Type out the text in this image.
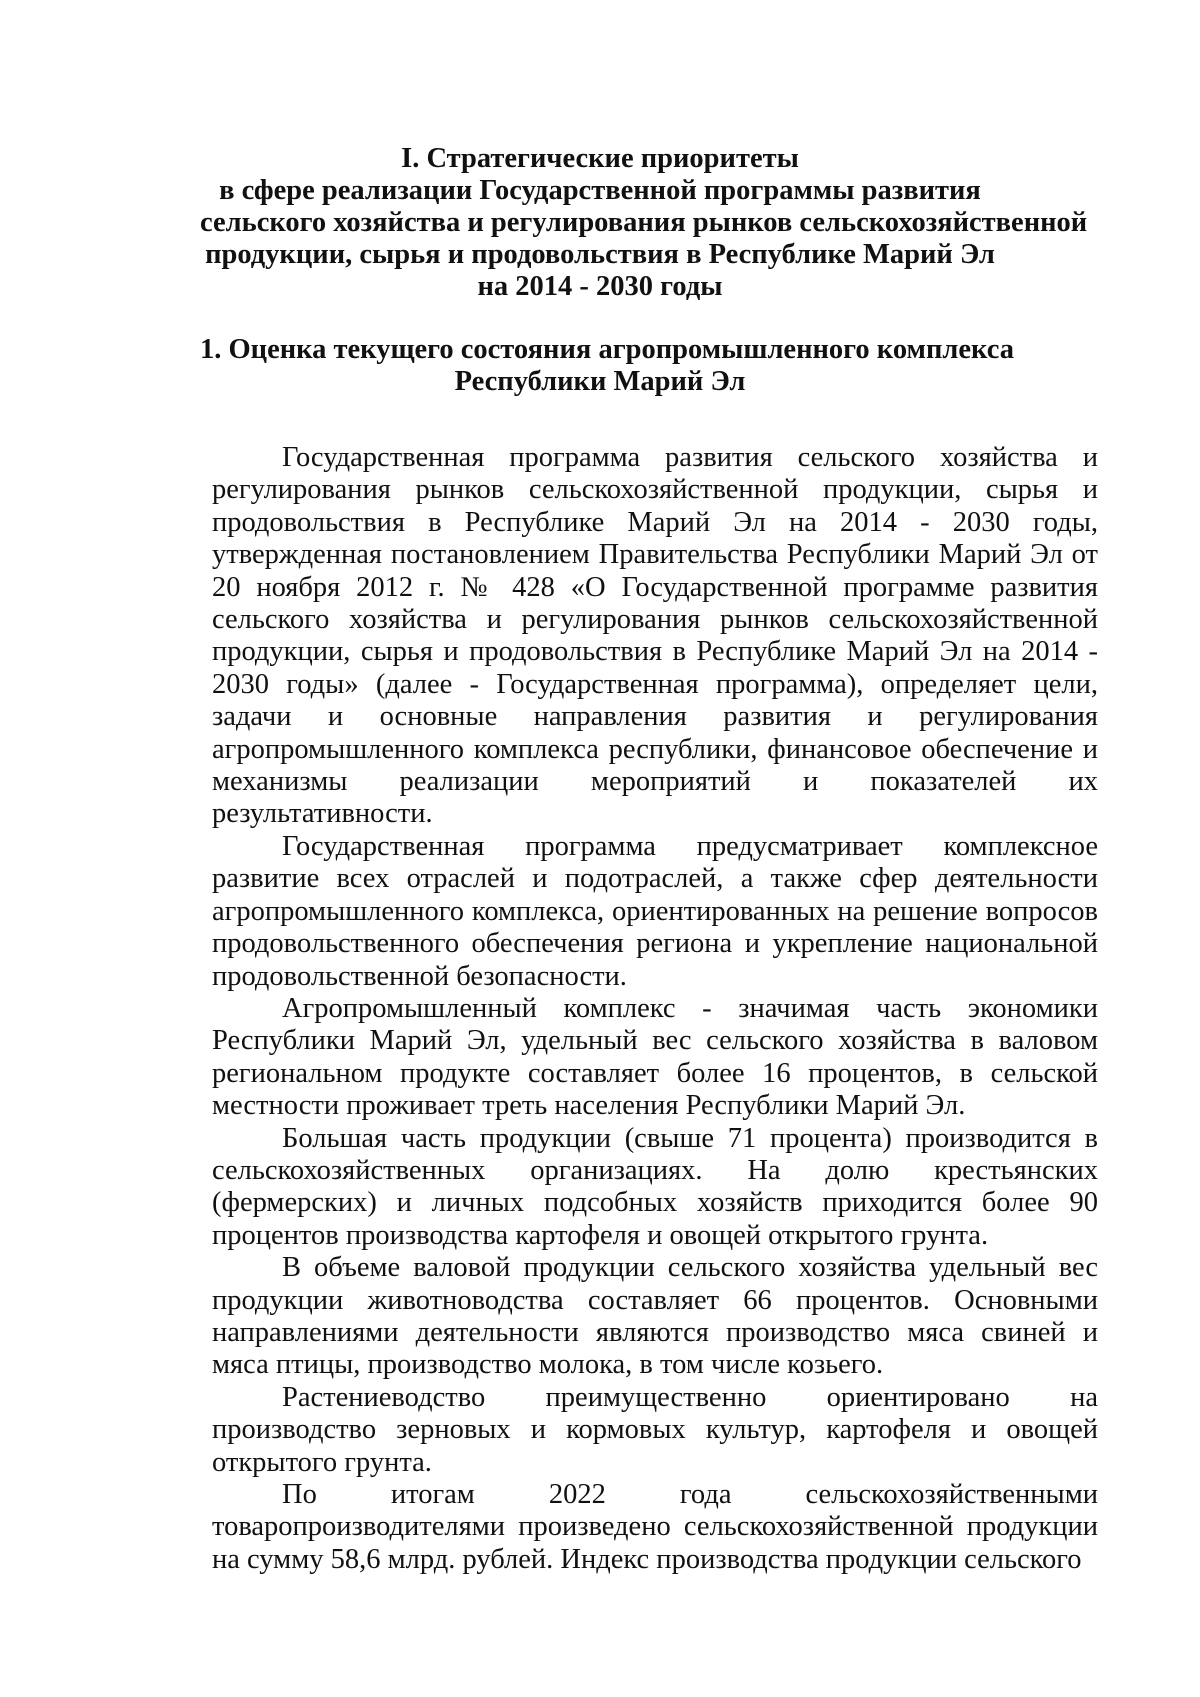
I. Стратегические приоритеты
в сфере реализации Государственной программы развития
сельского хозяйства и регулирования рынков сельскохозяйственной
продукции, сырья и продовольствия в Республике Марий Эл
на 2014 - 2030 годы
1. Оценка текущего состояния агропромышленного комплекса
Республики Марий Эл

Государственная программа развития сельского хозяйства и регулирования рынков сельскохозяйственной продукции, сырья и продовольствия в Республике Марий Эл на 2014 - 2030 годы, утвержденная постановлением Правительства Республики Марий Эл от 20 ноября 2012 г. № 428 «О Государственной программе развития сельского хозяйства и регулирования рынков сельскохозяйственной продукции, сырья и продовольствия в Республике Марий Эл на 2014 - 2030 годы» (далее - Государственная программа), определяет цели, задачи и основные направления развития и регулирования агропромышленного комплекса республики, финансовое обеспечение и механизмы реализации мероприятий и показателей их результативности.

Государственная программа предусматривает комплексное развитие всех отраслей и подотраслей, а также сфер деятельности агропромышленного комплекса, ориентированных на решение вопросов продовольственного обеспечения региона и укрепление национальной продовольственной безопасности.

Агропромышленный комплекс - значимая часть экономики Республики Марий Эл, удельный вес сельского хозяйства в валовом региональном продукте составляет более 16 процентов, в сельской местности проживает треть населения Республики Марий Эл.

Большая часть продукции (свыше 71 процента) производится в сельскохозяйственных организациях. На долю крестьянских (фермерских) и личных подсобных хозяйств приходится более 90 процентов производства картофеля и овощей открытого грунта.

В объеме валовой продукции сельского хозяйства удельный вес продукции животноводства составляет 66 процентов. Основными направлениями деятельности являются производство мяса свиней и мяса птицы, производство молока, в том числе козьего.

Растениеводство преимущественно ориентировано на производство зерновых и кормовых культур, картофеля и овощей открытого грунта.

По итогам 2022 года сельскохозяйственными товаропроизводителями произведено сельскохозяйственной продукции на сумму 58,6 млрд. рублей. Индекс производства продукции сельского
